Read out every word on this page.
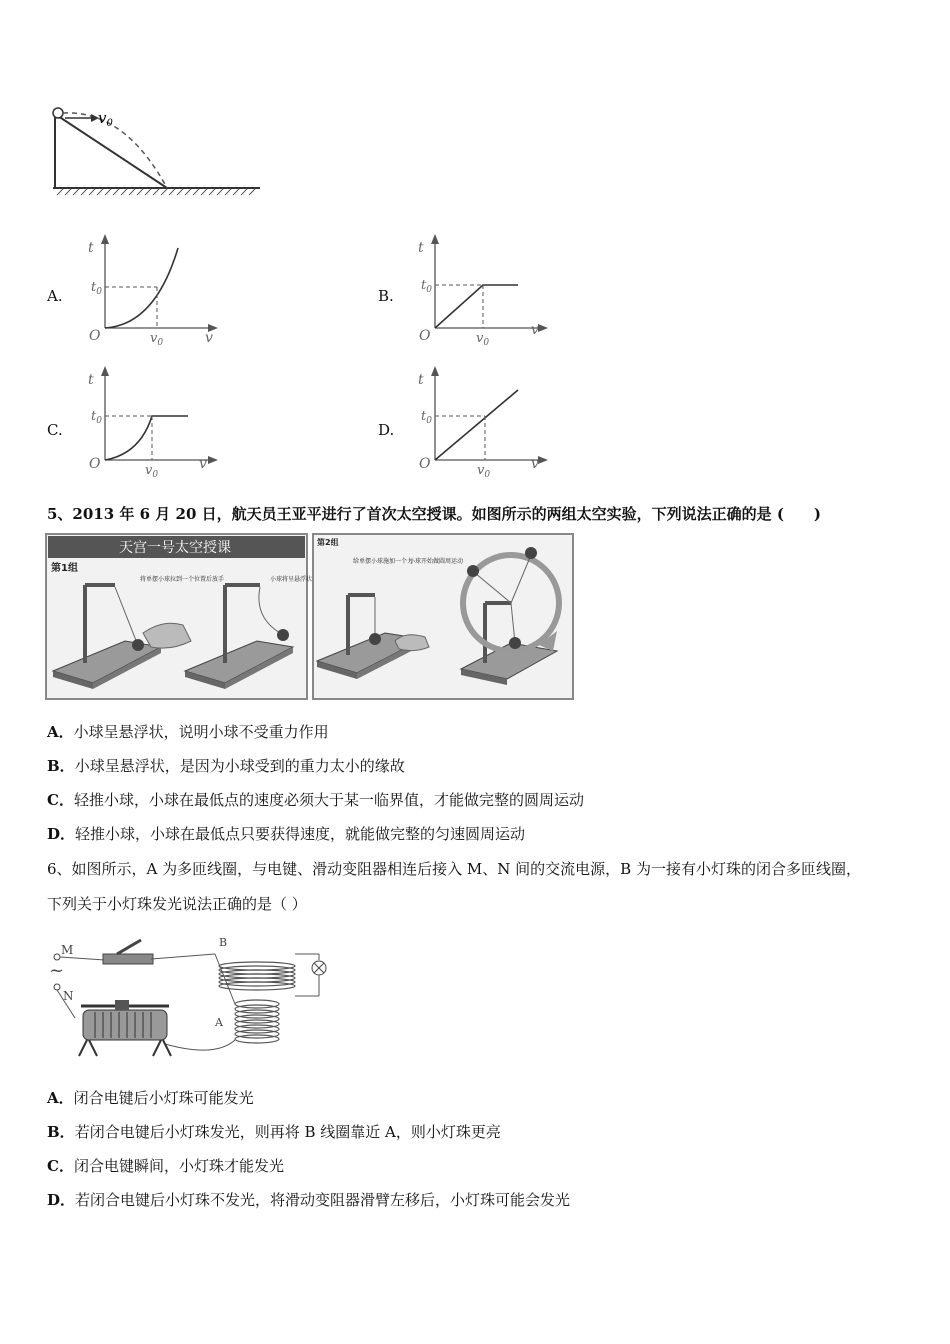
$v_0$
A.
t
$t_0$
O	$v_0$	v
B.
t
$t_0$
O	$v_0$
v
C.
t
$t_0$
O	$v_0$
v
D.
t
$t_0$
O	$v_0$
v
5、2013 年 6 月 20 日，航天员王亚平进行了首次太空授课。如图所示的两组太空实验，下列说法正确的是 (　　)
天宫一号太空授课
第1组
将单摆小球拉到一个位置后放手	小球将呈悬浮状
第2组
给单摆小球施加一个力
小球开始做圆周运动
A．小球呈悬浮状，说明小球不受重力作用
B．小球呈悬浮状，是因为小球受到的重力太小的缘故
C．轻推小球，小球在最低点的速度必须大于某一临界值，才能做完整的圆周运动
D．轻推小球，小球在最低点只要获得速度，就能做完整的匀速圆周运动
6、如图所示，A 为多匝线圈，与电键、滑动变阻器相连后接入 M、N 间的交流电源，B 为一接有小灯珠的闭合多匝线圈，
下列关于小灯珠发光说法正确的是（ ）
M
~
N
B
A
A．闭合电键后小灯珠可能发光
B．若闭合电键后小灯珠发光，则再将 B 线圈靠近 A，则小灯珠更亮
C．闭合电键瞬间，小灯珠才能发光
D．若闭合电键后小灯珠不发光，将滑动变阻器滑臂左移后，小灯珠可能会发光
